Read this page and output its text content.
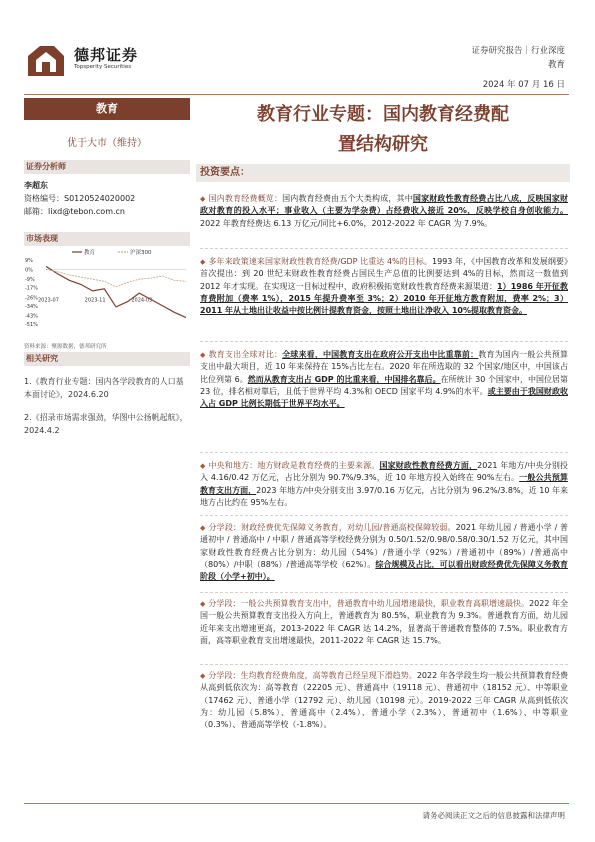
德邦证券
Topsperity Securities
证券研究报告｜行业深度
教育
2024 年 07 月 16 日
教育
优于大市（维持）
证券分析师
李超东
资格编号：S0120524020002
邮箱：lixd@tebon.com.cn
市场表现
9%
0%
-9%
-17%
-26%
-34%
-43%
-51%
2023-07	2023-11	2024-03
教育	沪深300
资料来源：聚源数据，德邦研究所
相关研究
1.《教育行业专题：国内各学段教育的人口基本面讨论》，2024.6.20
2.《招录市场需求强劲，华图中公扬帆起航》，2024.4.2
教育行业专题：国内教育经费配
置结构研究
投资要点：
◆ 国内教育经费概览：国内教育经费由五个大类构成，其中国家财政性教育经费占比八成，反映国家财政对教育的投入水平；事业收入（主要为学杂费）占经费收入接近 20%，反映学校自身创收能力。2022 年教育经费达 6.13 万亿元/同比+6.0%，2012-2022 年 CAGR 为 7.9%。
◆ 多年来政策速来国家财政性教育经费/GDP 比重达 4%的目标。1993 年，《中国教育改革和发展纲要》首次提出：到 20 世纪末财政性教育经费占国民生产总值的比例要达到 4%的目标，然而这一数值到 2012 年才实现。在实现这一目标过程中，政府积极拓宽财政性教育经费来源渠道：1）1986 年开征教育费附加（费率 1%），2015 年提升费率至 3%；2）2010 年开征地方教育附加，费率 2%；3）2011 年从土地出让收益中按比例计提教育资金，按照土地出让净收入 10%提取教育资金。
◆ 教育支出全球对比：全球来看，中国教育支出在政府公开支出中比重靠前：教育为国内一般公共预算支出中最大项目，近 10 年来保持在 15%占比左右。2020 年在所选取的 32 个国家/地区中，中国该占比位列第 6。然而从教育支出占 GDP 的比重来看，中国排名靠后。在所统计 30 个国家中，中国位居第 23 位，排名相对靠后，且低于世界平均 4.3%和 OECD 国家平均 4.9%的水平。或主要由于我国财政收入占 GDP 比例长期低于世界平均水平。
◆ 中央和地方：地方财政是教育经费的主要来源。国家财政性教育经费方面，2021 年地方/中央分别投入 4.16/0.42 万亿元，占比分别为 90.7%/9.3%，近 10 年地方投入始终在 90%左右。一般公共预算教育支出方面，2023 年地方/中央分别支出 3.97/0.16 万亿元，占比分别为 96.2%/3.8%，近 10 年来地方占比约在 95%左右。
◆ 分学段：财政经费优先保障义务教育，对幼儿园/普通高校保障较弱。2021 年幼儿园 / 普通小学 / 普通初中 / 普通高中 / 中职 / 普通高等学校经费分别为 0.50/1.52/0.98/0.58/0.30/1.52 万亿元，其中国家财政性教育经费占比分别为：幼儿园（54%）/普通小学（92%）/普通初中（89%）/普通高中（80%）/中职（88%）/普通高等学校（62%）。综合规模及占比，可以看出财政经费优先保障义务教育阶段（小学+初中）。
◆ 分学段：一般公共预算教育支出中，普通教育中幼儿园增速最快，职业教育高职增速最快。2022 年全国一般公共预算教育支出投入方向上，普通教育为 80.5%，职业教育为 9.3%。普通教育方面，幼儿园近年来支出增速更高，2013-2022 年 CAGR 达 14.2%，显著高于普通教育整体的 7.5%。职业教育方面，高等职业教育支出增速最快，2011-2022 年 CAGR 达 15.7%。
◆ 分学段：生均教育经费角度，高等教育已经呈现下滑趋势。2022 年各学段生均一般公共预算教育经费从高到低依次为：高等教育（22205 元）、普通高中（19118 元）、普通初中（18152 元）、中等职业（17462 元）、普通小学（12792 元）、幼儿园（10198 元）。2019-2022 三年 CAGR 从高到低依次为：幼儿园（5.8%）、普通高中（2.4%）、普通小学（2.3%）、普通初中（1.6%）、中等职业（0.3%）、普通高等学校（-1.8%）。
请务必阅读正文之后的信息披露和法律声明
